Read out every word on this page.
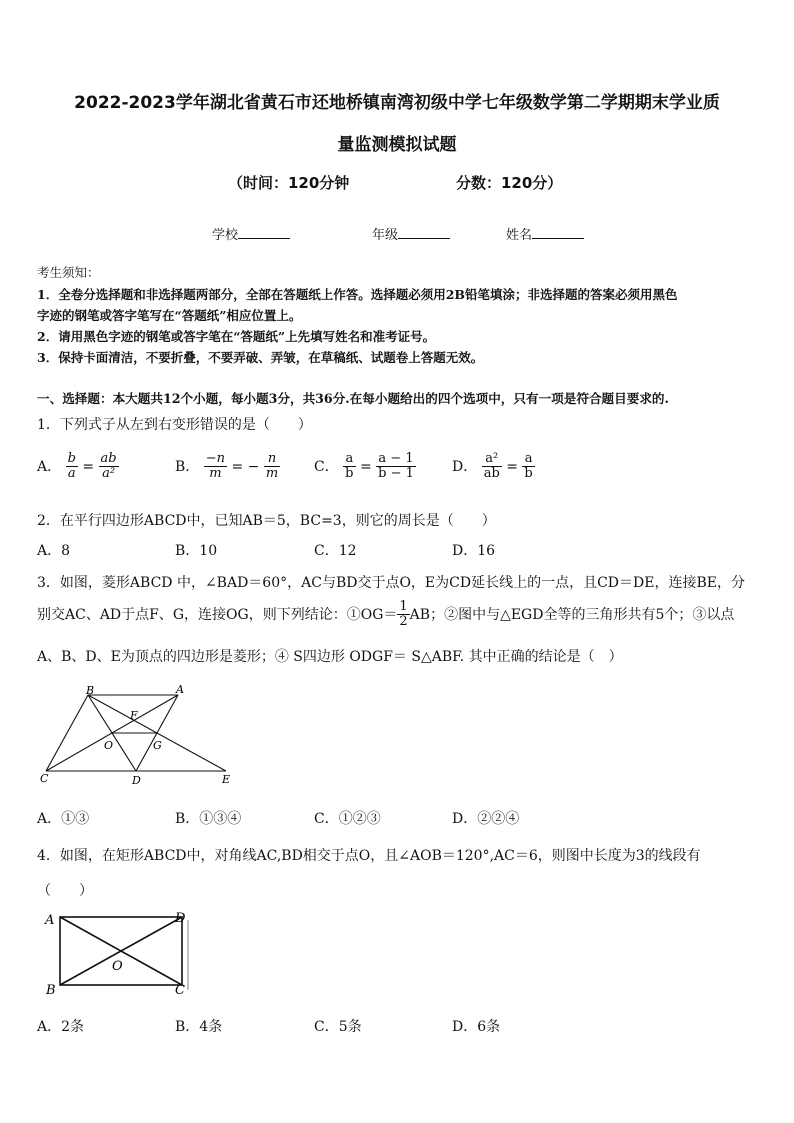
2022-2023学年湖北省黄石市还地桥镇南湾初级中学七年级数学第二学期期末学业质
量监测模拟试题
（时间：120分钟	分数：120分）
学校	年级	姓名
考生须知：
1．全卷分选择题和非选择题两部分，全部在答题纸上作答。选择题必须用2B铅笔填涂；非选择题的答案必须用黑色
字迹的钢笔或答字笔写在“答题纸”相应位置上。
2．请用黑色字迹的钢笔或答字笔在“答题纸”上先填写姓名和准考证号。
3．保持卡面清洁，不要折叠，不要弄破、弄皱，在草稿纸、试题卷上答题无效。
一、选择题：本大题共12个小题，每小题3分，共36分.在每小题给出的四个选项中，只有一项是符合题目要求的.
1．下列式子从左到右变形错误的是（　　）
A． $\frac{b}{a} = \frac{ab}{\text{a²}}$	B． $\frac{-n}{m}$ = − $\frac{n}{m}$ C． $\frac{a}{b} = \frac{a - 1}{b - 1}$	D． $\frac{\text{a²}}{ab} = \frac{a}{b}$
2．在平行四边形ABCD中，已知AB＝5，BC=3，则它的周长是（　　）
A．8	B．10	C．12	D．16
3．如图，菱形ABCD 中，∠BAD＝60°，AC与BD交于点O，E为CD延长线上的一点，且CD＝DE，连接BE，分
别交AC、AD于点F、G，连接OG，则下列结论：①OG＝ $\frac{1}{2}$ AB；②图中与△EGD全等的三角形共有5个；③以点
A、B、D、E为顶点的四边形是菱形；④ S四边形 ODGF＝ S△ABF. 其中正确的结论是（　）
B	A
F
O	G
C	D	E
A．①③	B．①③④	C．①②③	D．②②④
4．如图，在矩形ABCD中，对角线AC,BD相交于点O，且∠AOB＝120°,AC＝6，则图中长度为3的线段有
（　　）
A	D
O
B	C
A．2条	B．4条	C．5条	D．6条
